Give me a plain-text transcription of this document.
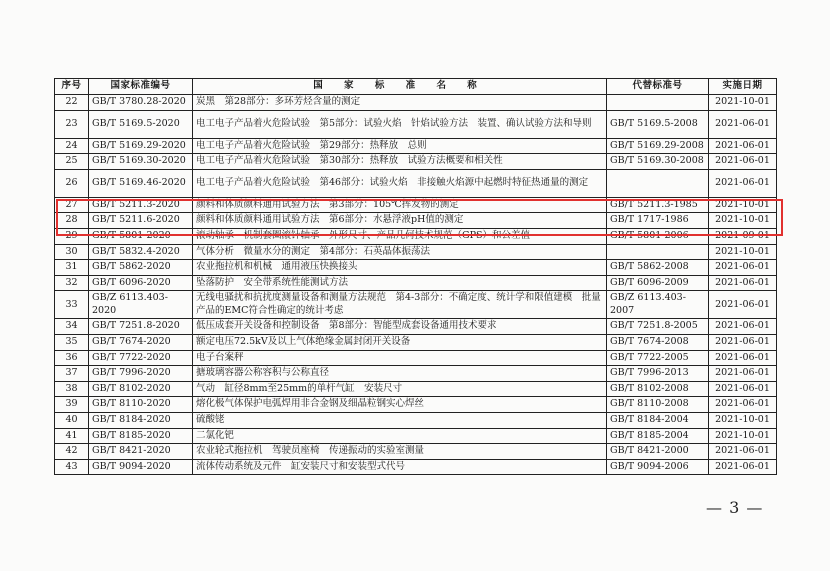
序号	国家标准编号	国 家 标 准 名 称	代替标准号	实施日期
22	GB/T 3780.28-2020	炭黑　第28部分：多环芳烃含量的测定		2021-10-01
23	GB/T 5169.5-2020	电工电子产品着火危险试验　第5部分：试验火焰　针焰试验方法　装置、确认试验方法和导则	GB/T 5169.5-2008	2021-06-01
24	GB/T 5169.29-2020	电工电子产品着火危险试验　第29部分：热释放　总则	GB/T 5169.29-2008	2021-06-01
25	GB/T 5169.30-2020	电工电子产品着火危险试验　第30部分：热释放　试验方法概要和相关性	GB/T 5169.30-2008	2021-06-01
26	GB/T 5169.46-2020	电工电子产品着火危险试验　第46部分：试验火焰　非接触火焰源中起燃时特征热通量的测定		2021-06-01
27	GB/T 5211.3-2020	颜料和体质颜料通用试验方法　第3部分：105℃挥发物的测定	GB/T 5211.3-1985	2021-10-01
28	GB/T 5211.6-2020	颜料和体质颜料通用试验方法　第6部分：水悬浮液pH值的测定	GB/T 1717-1986	2021-10-01
29	GB/T 5801-2020	滚动轴承　机制套圈滚针轴承　外形尺寸、产品几何技术规范（GPS）和公差值	GB/T 5801-2006	2021-09-01
30	GB/T 5832.4-2020	气体分析　微量水分的测定　第4部分：石英晶体振荡法		2021-10-01
31	GB/T 5862-2020	农业拖拉机和机械　通用液压快换接头	GB/T 5862-2008	2021-06-01
32	GB/T 6096-2020	坠落防护　安全带系统性能测试方法	GB/T 6096-2009	2021-06-01
33	GB/Z 6113.403-2020	无线电骚扰和抗扰度测量设备和测量方法规范　第4-3部分：不确定度、统计学和限值建模　批量产品的EMC符合性确定的统计考虑	GB/Z 6113.403-2007	2021-06-01
34	GB/T 7251.8-2020	低压成套开关设备和控制设备　第8部分：智能型成套设备通用技术要求	GB/T 7251.8-2005	2021-06-01
35	GB/T 7674-2020	额定电压72.5kV及以上气体绝缘金属封闭开关设备	GB/T 7674-2008	2021-06-01
36	GB/T 7722-2020	电子台案秤	GB/T 7722-2005	2021-06-01
37	GB/T 7996-2020	搪玻璃容器公称容积与公称直径	GB/T 7996-2013	2021-06-01
38	GB/T 8102-2020	气动　缸径8mm至25mm的单杆气缸　安装尺寸	GB/T 8102-2008	2021-06-01
39	GB/T 8110-2020	熔化极气体保护电弧焊用非合金钢及细晶粒钢实心焊丝	GB/T 8110-2008	2021-06-01
40	GB/T 8184-2020	硫酸铑	GB/T 8184-2004	2021-10-01
41	GB/T 8185-2020	二氯化钯	GB/T 8185-2004	2021-10-01
42	GB/T 8421-2020	农业轮式拖拉机　驾驶员座椅　传递振动的实验室测量	GB/T 8421-2000	2021-06-01
43	GB/T 9094-2020	流体传动系统及元件　缸安装尺寸和安装型式代号	GB/T 9094-2006	2021-06-01
— 3 —
